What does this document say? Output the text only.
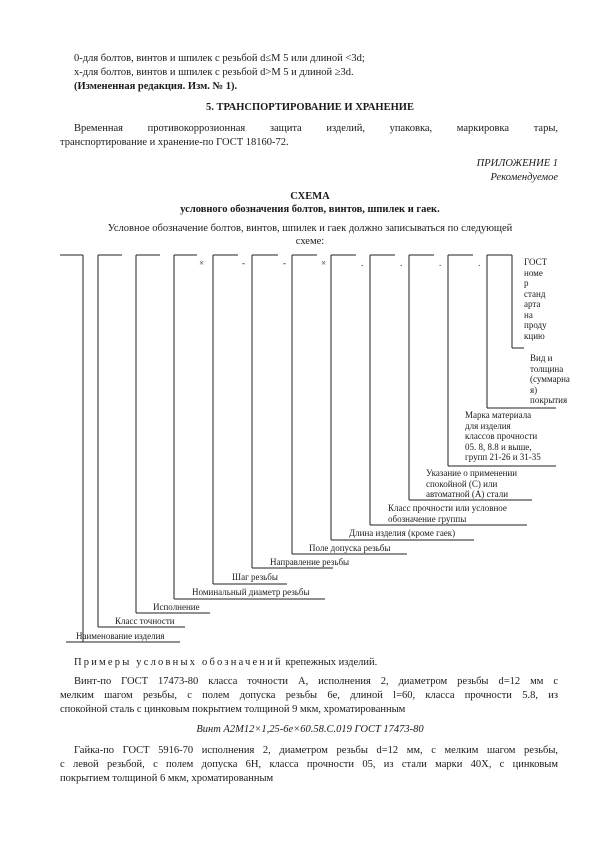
0-для болтов, винтов и шпилек с резьбой d≤M 5 или длиной <3d;
х-для болтов, винтов и шпилек с резьбой d>M 5 и длиной ≥3d.
(Измененная редакция. Изм. № 1).
5. ТРАНСПОРТИРОВАНИЕ И ХРАНЕНИЕ
Временная противокоррозионная защита изделий, упаковка, маркировка тары,
транспортирование и хранение-по ГОСТ 18160-72.
ПРИЛОЖЕНИЕ 1
Рекомендуемое
СХЕМА
условного обозначения болтов, винтов, шпилек и гаек.
Условное обозначение болтов, винтов, шпилек и гаек должно записываться по следующей
схеме:
×	-	-	×	.	.	.	.	ГОСТ
номе
р
станд
арта
на
проду
кцию
Вид и
толщина
(суммарна
я)
покрытия
Марка материала
для изделия
классов прочности
05. 8, 8.8 и выше,
групп 21-26 и 31-35
Указание о применении
спокойной (С) или
автоматной (А) стали
Класс прочности или условное
обозначение группы
Длина изделия (кроме гаек)
Поле допуска резьбы
Направление резьбы
Шаг резьбы
Номинальный диаметр резьбы
Исполнение
Класс точности
Наименование изделия
Примеры условных обозначений крепежных изделий.
Винт-по ГОСТ 17473-80 класса точности А, исполнения 2, диаметром резьбы d=12 мм с
мелким шагом резьбы, с полем допуска резьбы 6e, длиной l=60, класса прочности 5.8, из
спокойной сталь с цинковым покрытием толщиной 9 мкм, хроматированным
Винт А2М12×1,25-6e×60.58.С.019 ГОСТ 17473-80
Гайка-по ГОСТ 5916-70 исполнения 2, диаметром резьбы d=12 мм, с мелким шагом резьбы,
с левой резьбой, с полем допуска 6H, класса прочности 05, из стали марки 40Х, с цинковым
покрытием толщиной 6 мкм, хроматированным
